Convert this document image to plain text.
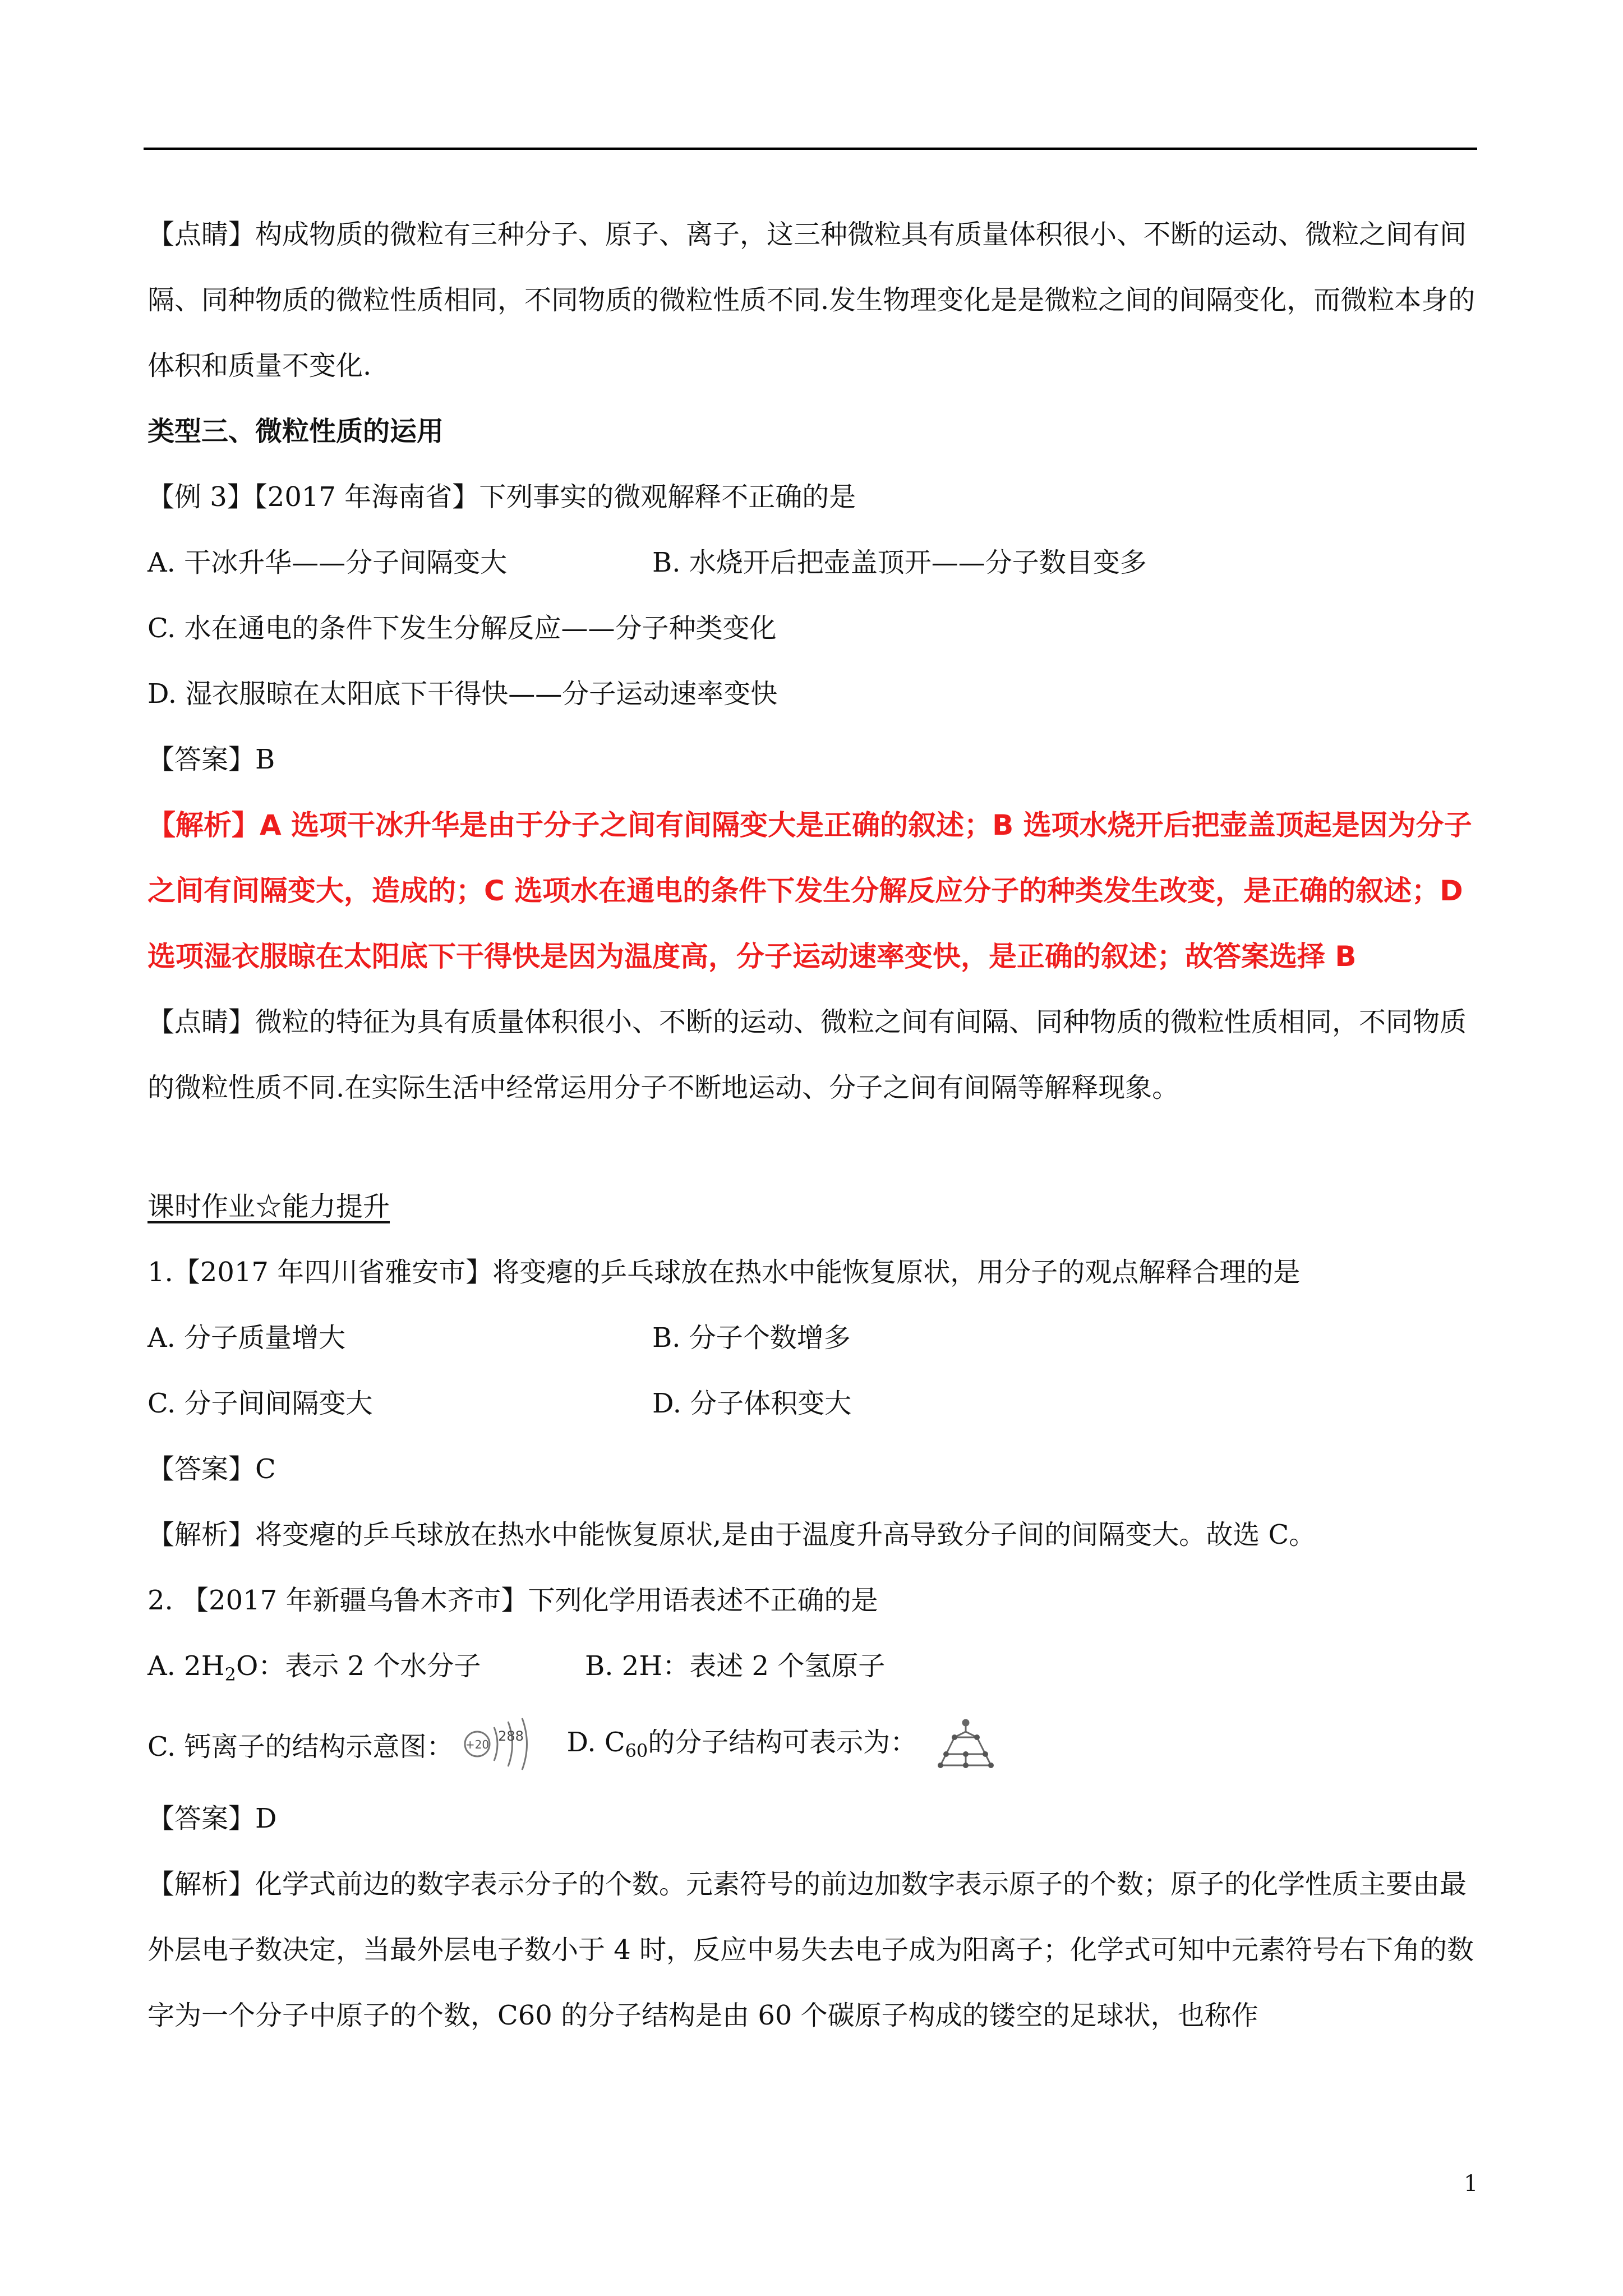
【点睛】构成物质的微粒有三种分子、原子、离子，这三种微粒具有质量体积很小、不断的运动、微粒之间有间隔、同种物质的微粒性质相同，不同物质的微粒性质不同.发生物理变化是是微粒之间的间隔变化，而微粒本身的体积和质量不变化.

类型三、微粒性质的运用

【例 3】【2017 年海南省】下列事实的微观解释不正确的是

A. 干冰升华——分子间隔变大	B. 水烧开后把壶盖顶开——分子数目变多

C. 水在通电的条件下发生分解反应——分子种类变化

D. 湿衣服晾在太阳底下干得快——分子运动速率变快

【答案】B

【解析】A 选项干冰升华是由于分子之间有间隔变大是正确的叙述；B 选项水烧开后把壶盖顶起是因为分子之间有间隔变大，造成的；C 选项水在通电的条件下发生分解反应分子的种类发生改变，是正确的叙述；D 选项湿衣服晾在太阳底下干得快是因为温度高，分子运动速率变快，是正确的叙述；故答案选择 B

【点睛】微粒的特征为具有质量体积很小、不断的运动、微粒之间有间隔、同种物质的微粒性质相同，不同物质的微粒性质不同.在实际生活中经常运用分子不断地运动、分子之间有间隔等解释现象。

课时作业☆能力提升

1.【2017 年四川省雅安市】将变瘪的乒乓球放在热水中能恢复原状，用分子的观点解释合理的是

A. 分子质量增大	B. 分子个数增多

C. 分子间间隔变大	D. 分子体积变大

【答案】C

【解析】将变瘪的乒乓球放在热水中能恢复原状,是由于温度升高导致分子间的间隔变大。故选 C。

2. 【2017 年新疆乌鲁木齐市】下列化学用语表述不正确的是

A. $2H_2O$：表示 2 个水分子	B. 2H：表述 2 个氢原子

C. 钙离子的结构示意图： +20
288 D. $C_{60}$的分子结构可表示为：

【答案】D

【解析】化学式前边的数字表示分子的个数。元素符号的前边加数字表示原子的个数；原子的化学性质主要由最外层电子数决定，当最外层电子数小于 4 时，反应中易失去电子成为阳离子；化学式可知中元素符号右下角的数字为一个分子中原子的个数，C60 的分子结构是由 60 个碳原子构成的镂空的足球状，也称作

1
